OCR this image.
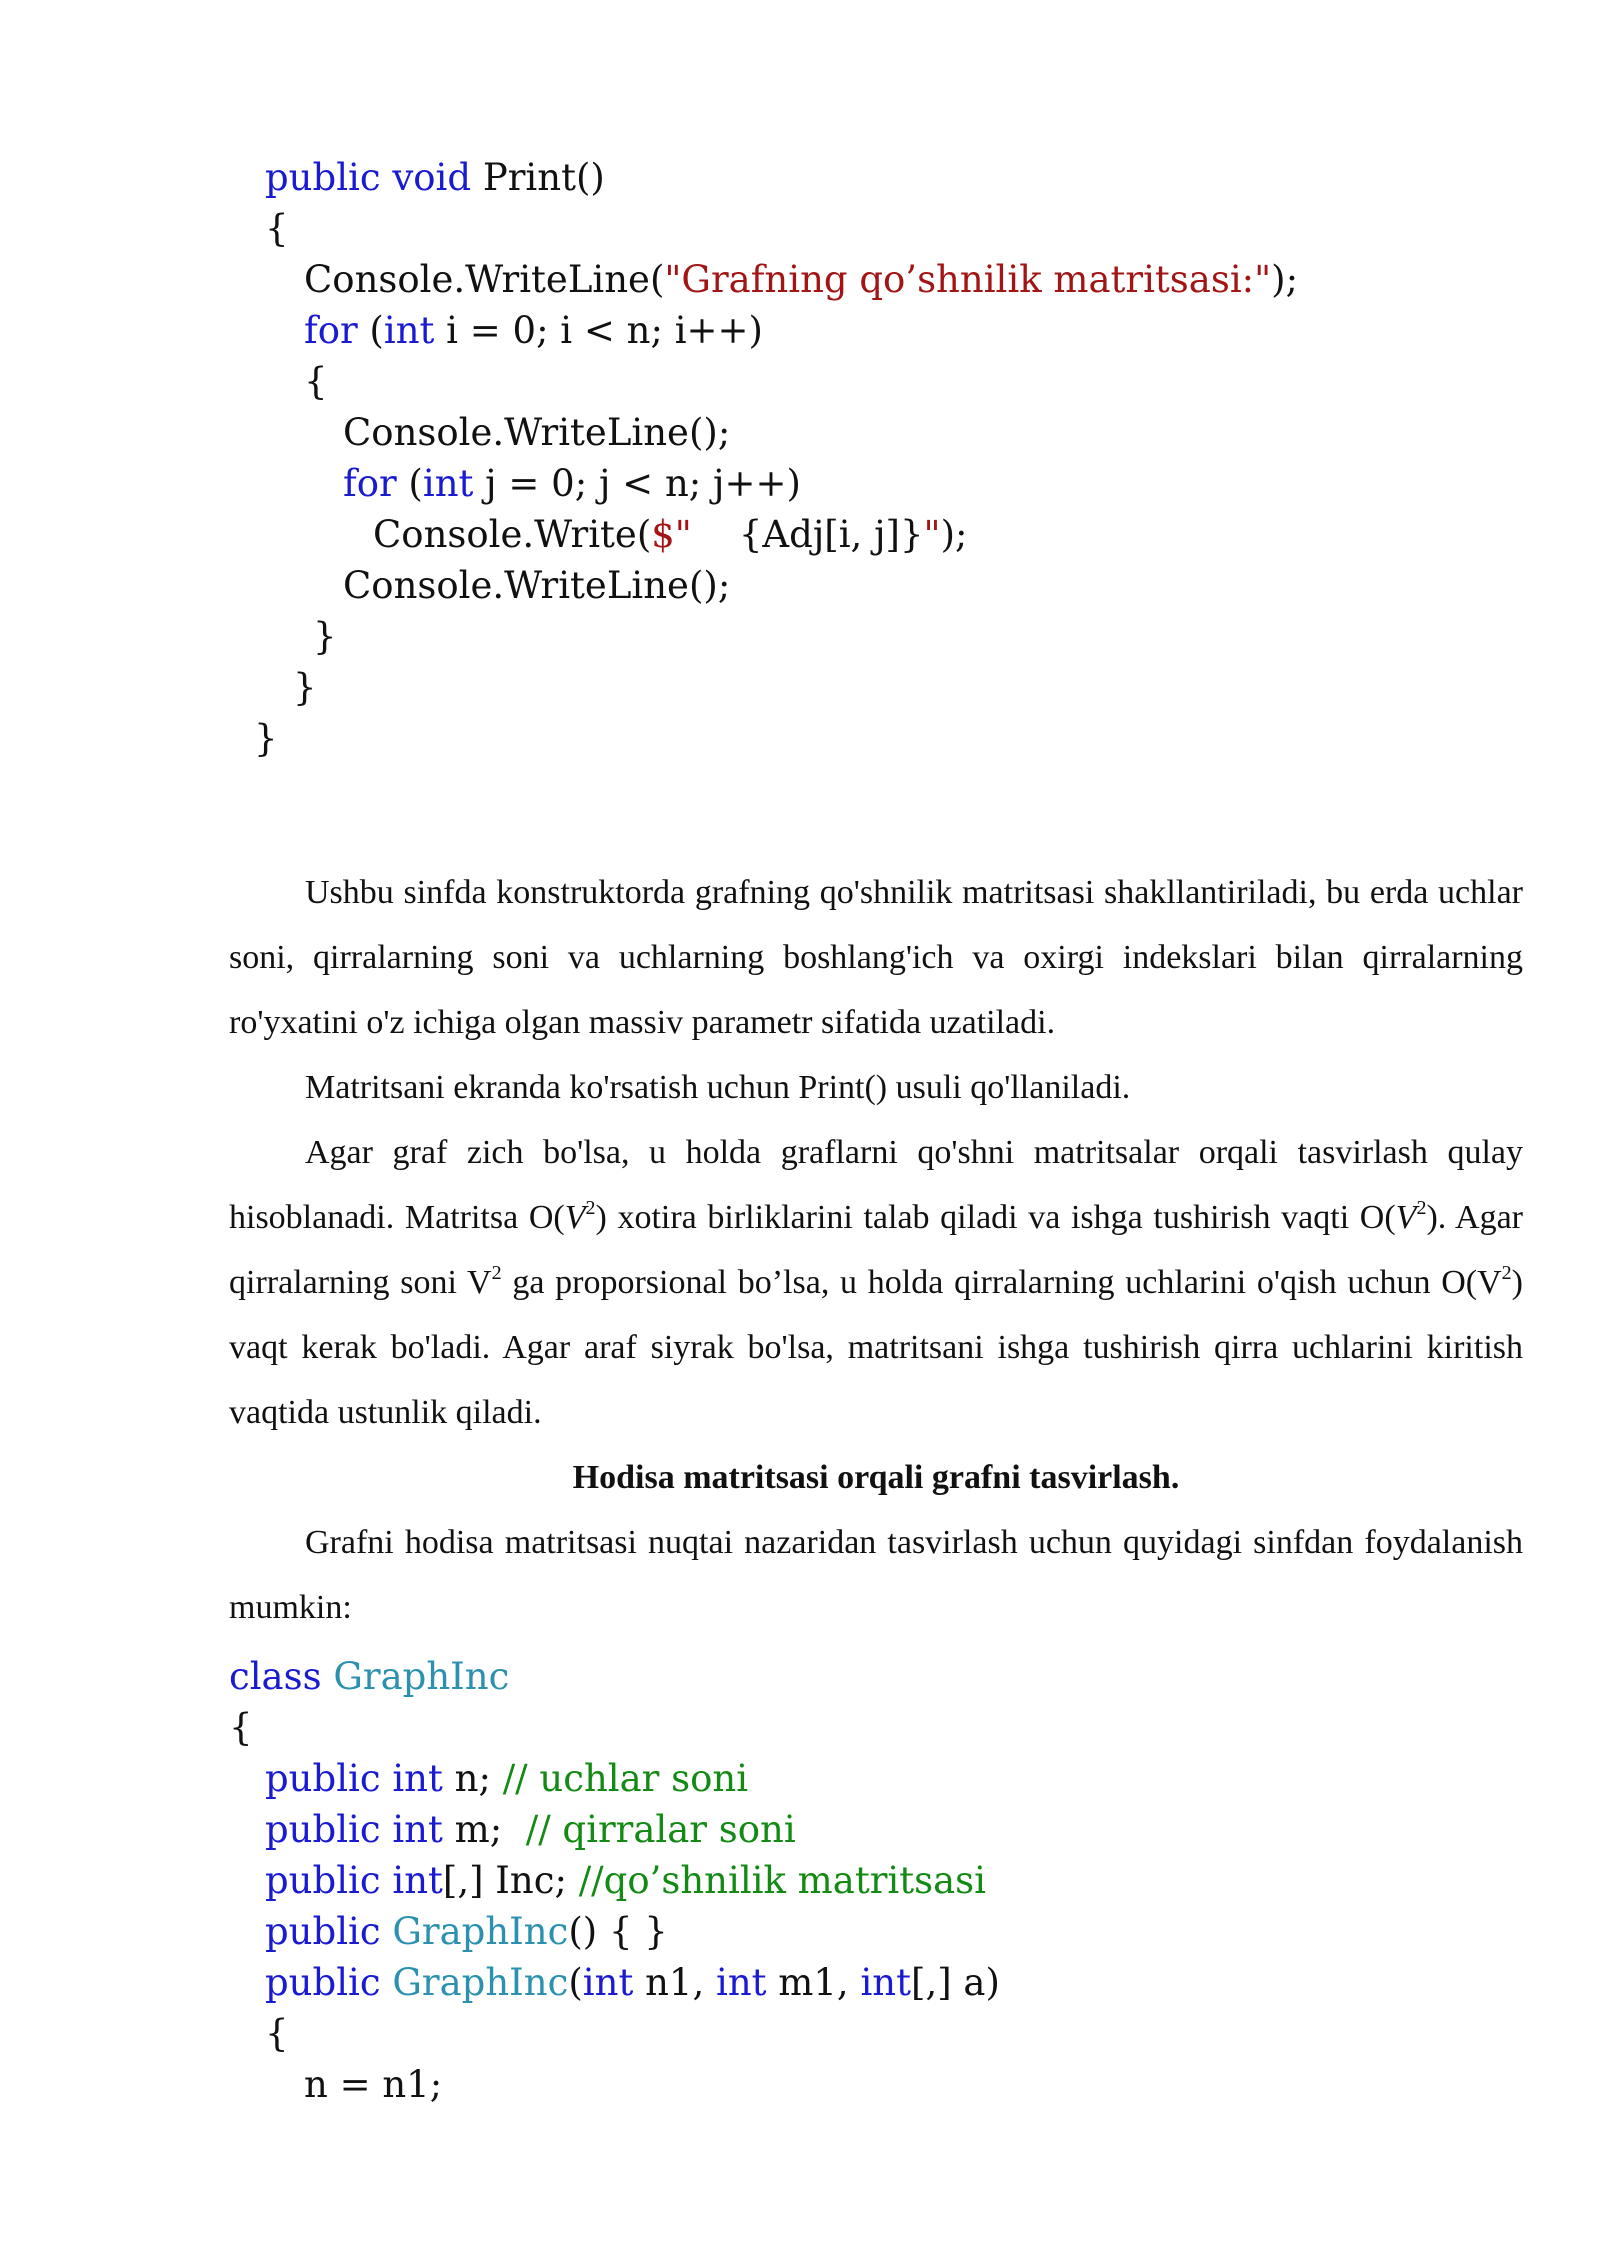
public void Print()
{
Console.WriteLine("Grafning qo’shnilik matritsasi:");
for (int i = 0; i < n; i++)
{
Console.WriteLine();
for (int j = 0; j < n; j++)
Console.Write($" {Adj[i, j]}");
Console.WriteLine();
}
}
}

Ushbu sinfda konstruktorda grafning qo'shnilik matritsasi shakllantiriladi, bu erda uchlar soni, qirralarning soni va uchlarning boshlang'ich va oxirgi indekslari bilan qirralarning ro'yxatini o'z ichiga olgan massiv parametr sifatida uzatiladi.

Matritsani ekranda ko'rsatish uchun Print() usuli qo'llaniladi.

Agar graf zich bo'lsa, u holda graflarni qo'shni matritsalar orqali tasvirlash qulay hisoblanadi. Matritsa $O(V^2)$ xotira birliklarini talab qiladi va ishga tushirish vaqti $O(V^2)$. Agar qirralarning soni $V^2$ ga proporsional bo’lsa, u holda qirralarning uchlarini o'qish uchun $O(V^2)$ vaqt kerak bo'ladi. Agar araf siyrak bo'lsa, matritsani ishga tushirish qirra uchlarini kiritish vaqtida ustunlik qiladi.

Hodisa matritsasi orqali grafni tasvirlash.

Grafni hodisa matritsasi nuqtai nazaridan tasvirlash uchun quyidagi sinfdan foydalanish mumkin:

class GraphInc
{
public int n; // uchlar soni
public int m;  // qirralar soni
public int[,] Inc; //qo’shnilik matritsasi
public GraphInc() { }
public GraphInc(int n1, int m1, int[,] a)
{
n = n1;
